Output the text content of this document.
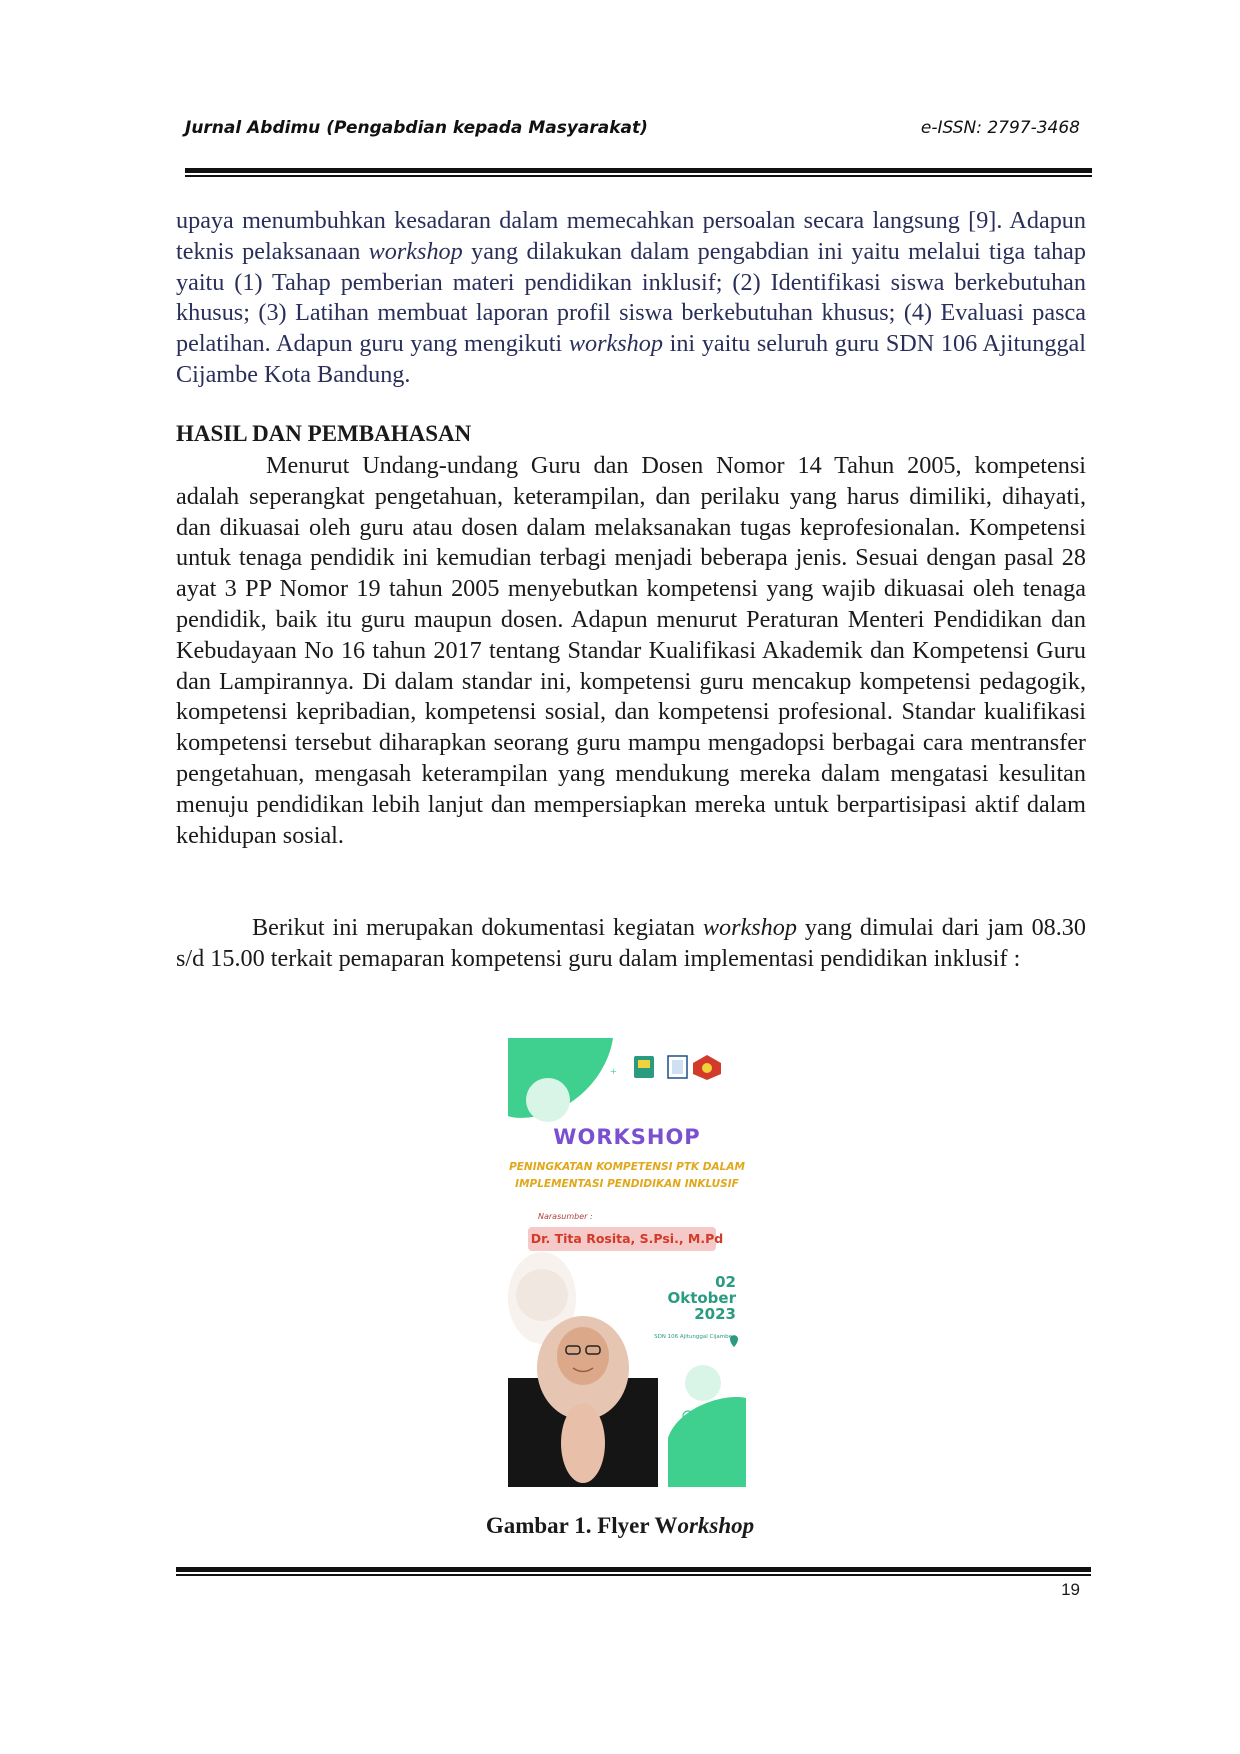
Jurnal Abdimu (Pengabdian kepada Masyarakat)	e-ISSN: 2797-3468

upaya menumbuhkan kesadaran dalam memecahkan persoalan secara langsung [9]. Adapun teknis pelaksanaan workshop yang dilakukan dalam pengabdian ini yaitu melalui tiga tahap yaitu (1) Tahap pemberian materi pendidikan inklusif; (2) Identifikasi siswa berkebutuhan khusus; (3) Latihan membuat laporan profil siswa berkebutuhan khusus; (4) Evaluasi pasca pelatihan. Adapun guru yang mengikuti workshop ini yaitu seluruh guru SDN 106 Ajitunggal Cijambe Kota Bandung.

HASIL DAN PEMBAHASAN

Menurut Undang-undang Guru dan Dosen Nomor 14 Tahun 2005, kompetensi adalah seperangkat pengetahuan, keterampilan, dan perilaku yang harus dimiliki, dihayati, dan dikuasai oleh guru atau dosen dalam melaksanakan tugas keprofesionalan. Kompetensi untuk tenaga pendidik ini kemudian terbagi menjadi beberapa jenis. Sesuai dengan pasal 28 ayat 3 PP Nomor 19 tahun 2005 menyebutkan kompetensi yang wajib dikuasai oleh tenaga pendidik, baik itu guru maupun dosen. Adapun menurut Peraturan Menteri Pendidikan dan Kebudayaan No 16 tahun 2017 tentang Standar Kualifikasi Akademik dan Kompetensi Guru dan Lampirannya. Di dalam standar ini, kompetensi guru mencakup kompetensi pedagogik, kompetensi kepribadian, kompetensi sosial, dan kompetensi profesional. Standar kualifikasi kompetensi tersebut diharapkan seorang guru mampu mengadopsi berbagai cara mentransfer pengetahuan, mengasah keterampilan yang mendukung mereka dalam mengatasi kesulitan menuju pendidikan lebih lanjut dan mempersiapkan mereka untuk berpartisipasi aktif dalam kehidupan sosial.

Berikut ini merupakan dokumentasi kegiatan workshop yang dimulai dari jam 08.30 s/d 15.00 terkait pemaparan kompetensi guru dalam implementasi pendidikan inklusif :

+
+
WORKSHOP
PENINGKATAN KOMPETENSI PTK DALAM
IMPLEMENTASI PENDIDIKAN INKLUSIF
Narasumber :
Dr. Tita Rosita, S.Psi., M.Pd
02
Oktober
2023
SDN 106 Ajitunggal Cijambe

Gambar 1. Flyer Workshop

19
